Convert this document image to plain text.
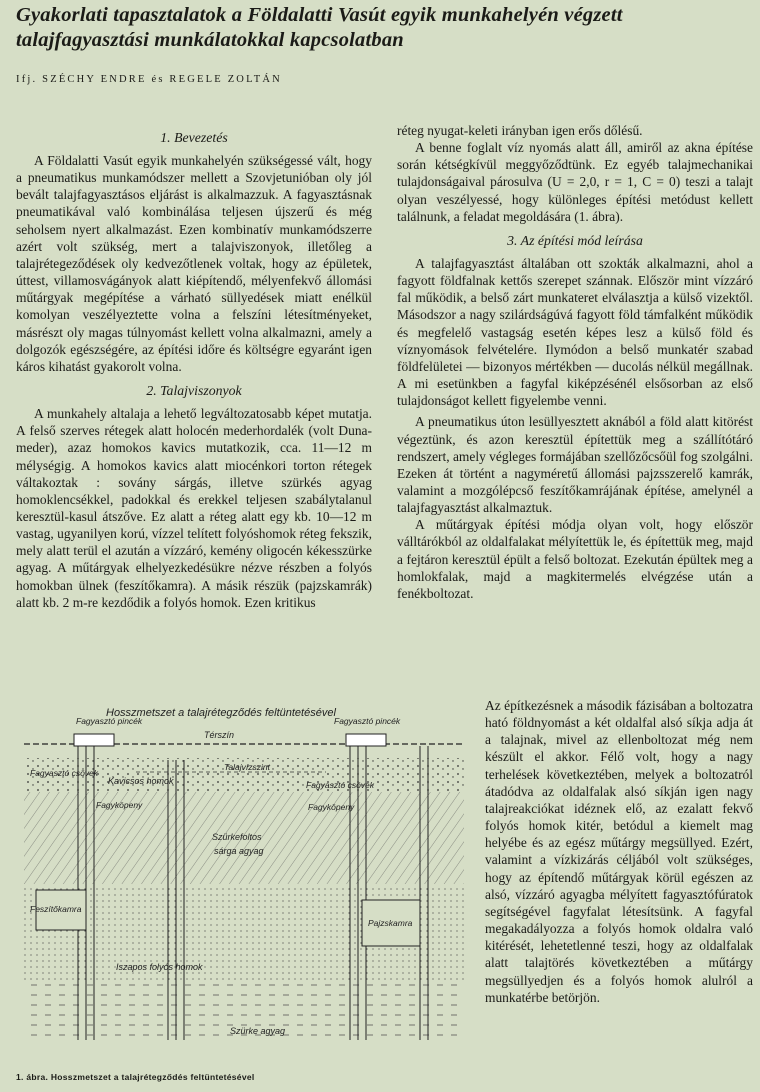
Gyakorlati tapasztalatok a Földalatti Vasút egyik munkahelyén végzett talajfagyasztási munkálatokkal kapcsolatban
Ifj. SZÉCHY ENDRE és REGELE ZOLTÁN
1. Bevezetés

A Földalatti Vasút egyik munkahelyén szükségessé vált, hogy a pneumatikus munkamódszer mellett a Szovjetunióban oly jól bevált talajfagyasztásos eljárást is alkalmazzuk. A fagyasztásnak pneumatikával való kombinálása teljesen újszerű és még seholsem nyert alkalmazást. Ezen kombinatív munkamódszerre azért volt szükség, mert a talajviszonyok, illetőleg a talajrétegeződések oly kedvezőtlenek voltak, hogy az épületek, úttest, villamosvágányok alatt kiépítendő, mélyenfekvő állomási műtárgyak megépítése a várható süllyedések miatt enélkül komolyan veszélyeztette volna a felszíni létesítményeket, másrészt oly magas túlnyomást kellett volna alkalmazni, amely a dolgozók egészségére, az építési időre és költségre egyaránt igen káros kihatást gyakorolt volna.

2. Talajviszonyok

A munkahely altalaja a lehető legváltozatosabb képet mutatja. A felső szerves rétegek alatt holocén mederhordalék (volt Duna-meder), azaz homokos kavics mutatkozik, cca. 11—12 m mélységig. A homokos kavics alatt miocénkori torton rétegek váltakoztak : sovány sárgás, illetve szürkés agyag homoklencsékkel, padokkal és erekkel teljesen szabálytalanul keresztül-kasul átszőve. Ez alatt a réteg alatt egy kb. 10—12 m vastag, ugyanilyen korú, vízzel telített folyóshomok réteg fekszik, mely alatt terül el azután a vízzáró, kemény oligocén kékesszürke agyag. A műtárgyak elhelyezkedésükre nézve részben a folyós homokban ülnek (feszítőkamra). A másik részük (pajzskamrák) alatt kb. 2 m-re kezdődik a folyós homok. Ezen kritikus

réteg nyugat-keleti irányban igen erős dőlésű.

A benne foglalt víz nyomás alatt áll, amiről az akna építése során kétségkívül meggyőződtünk. Ez egyéb talajmechanikai tulajdonságaival párosulva (U = 2,0, r = 1, C = 0) teszi a talajt olyan veszélyessé, hogy különleges építési metódust kellett találnunk, a feladat megoldására (1. ábra).

3. Az építési mód leírása

A talajfagyasztást általában ott szokták alkalmazni, ahol a fagyott földfalnak kettős szerepet szánnak. Először mint vízzáró fal működik, a belső zárt munkateret elválasztja a külső vizektől. Másodszor a nagy szilárdságúvá fagyott föld támfalként működik és megfelelő vastagság esetén képes lesz a külső föld és víznyomások felvételére. Ilymódon a belső munkatér szabad földfelületei — bizonyos mértékben — ducolás nélkül megállnak. A mi esetünkben a fagyfal kiképzésénél elsősorban az első tulajdonságot kellett figyelembe venni.

A pneumatikus úton lesüllyesztett aknából a föld alatt kitörést végeztünk, és azon keresztül építettük meg a szállítótáró rendszert, amely végleges formájában szellőzőcsőül fog szolgálni. Ezeken át történt a nagyméretű állomási pajzsszerelő kamrák, valamint a mozgólépcső feszítőkamrájának építése, amelynél a talajfagyasztást alkalmaztuk.

A műtárgyak építési módja olyan volt, hogy először válltárókból az oldalfalakat mélyítettük le, és építettük meg, majd a fejtáron keresztül épült a felső boltozat. Ezekután épültek meg a homlokfalak, majd a magkitermelés elvégzése után a fenékboltozat.

Az építkezésnek a második fázisában a boltozatra ható földnyomást a két oldalfal alsó síkja adja át a talajnak, mivel az ellenboltozat még nem készült el akkor. Félő volt, hogy a nagy terhelések következtében, melyek a boltozatról átadódva az oldalfalak alsó síkján igen nagy talajreakciókat idéznek elő, az ezalatt fekvő folyós homok kitér, betódul a kiemelt mag helyébe és az egész műtárgy megsüllyed. Ezért, valamint a vízkizárás céljából volt szükséges, hogy az építendő műtárgyak körül egészen az alsó, vízzáró agyagba mélyített fagyasztófúratok segítségével fagyfalat létesítsünk. A fagyfal megakadályozza a folyós homok oldalra való kitérését, lehetetlenné teszi, hogy az oldalfalak alatt talajtörés következtében a műtárgy megsüllyedjen és a folyós homok alulról a munkatérbe betörjön.

Hosszmetszet a talajrétegződés feltüntetésével
Fagyasztó pincék	Fagyasztó pincék
Térszín
Talajvízszint
Fagyasztó csövek
Fagyasztó csövek
Kavicsos homok
Fagyköpeny	Fagyköpeny
Szürkefoltos
sárga agyag
Feszítőkamra
Pajzskamra
Iszapos folyós homok
Szürke agyag
1. ábra. Hosszmetszet a talajrétegződés feltüntetésével
